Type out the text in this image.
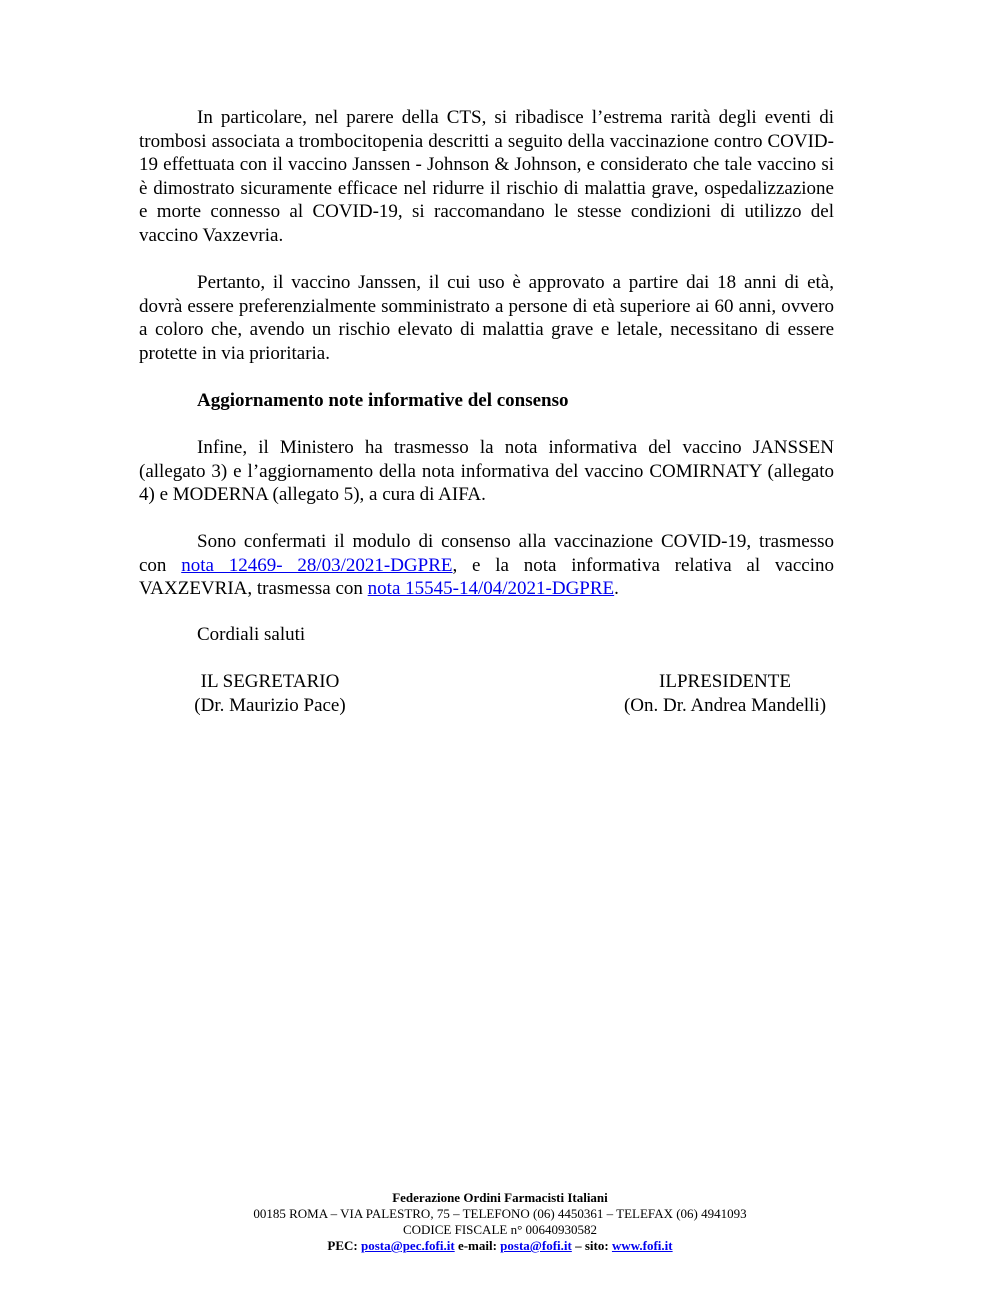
In particolare, nel parere della CTS, si ribadisce l’estrema rarità degli eventi di trombosi associata a trombocitopenia descritti a seguito della vaccinazione contro COVID-19 effettuata con il vaccino Janssen - Johnson & Johnson, e considerato che tale vaccino si è dimostrato sicuramente efficace nel ridurre il rischio di malattia grave, ospedalizzazione e morte connesso al COVID-19, si raccomandano le stesse condizioni di utilizzo del vaccino Vaxzevria.

Pertanto, il vaccino Janssen, il cui uso è approvato a partire dai 18 anni di età, dovrà essere preferenzialmente somministrato a persone di età superiore ai 60 anni, ovvero a coloro che, avendo un rischio elevato di malattia grave e letale, necessitano di essere protette in via prioritaria.

Aggiornamento note informative del consenso

Infine, il Ministero ha trasmesso la nota informativa del vaccino JANSSEN (allegato 3) e l’aggiornamento della nota informativa del vaccino COMIRNATY (allegato 4) e MODERNA (allegato 5), a cura di AIFA.

Sono confermati il modulo di consenso alla vaccinazione COVID-19, trasmesso con nota 12469- 28/03/2021-DGPRE, e la nota informativa relativa al vaccino VAXZEVRIA, trasmessa con nota 15545-14/04/2021-DGPRE.

Cordiali saluti
IL SEGRETARIO
(Dr. Maurizio Pace)
ILPRESIDENTE
(On. Dr. Andrea Mandelli)
Federazione Ordini Farmacisti Italiani
00185 ROMA – VIA PALESTRO, 75 – TELEFONO (06) 4450361 – TELEFAX (06) 4941093
CODICE FISCALE n° 00640930582
PEC: posta@pec.fofi.it e-mail: posta@fofi.it – sito: www.fofi.it
